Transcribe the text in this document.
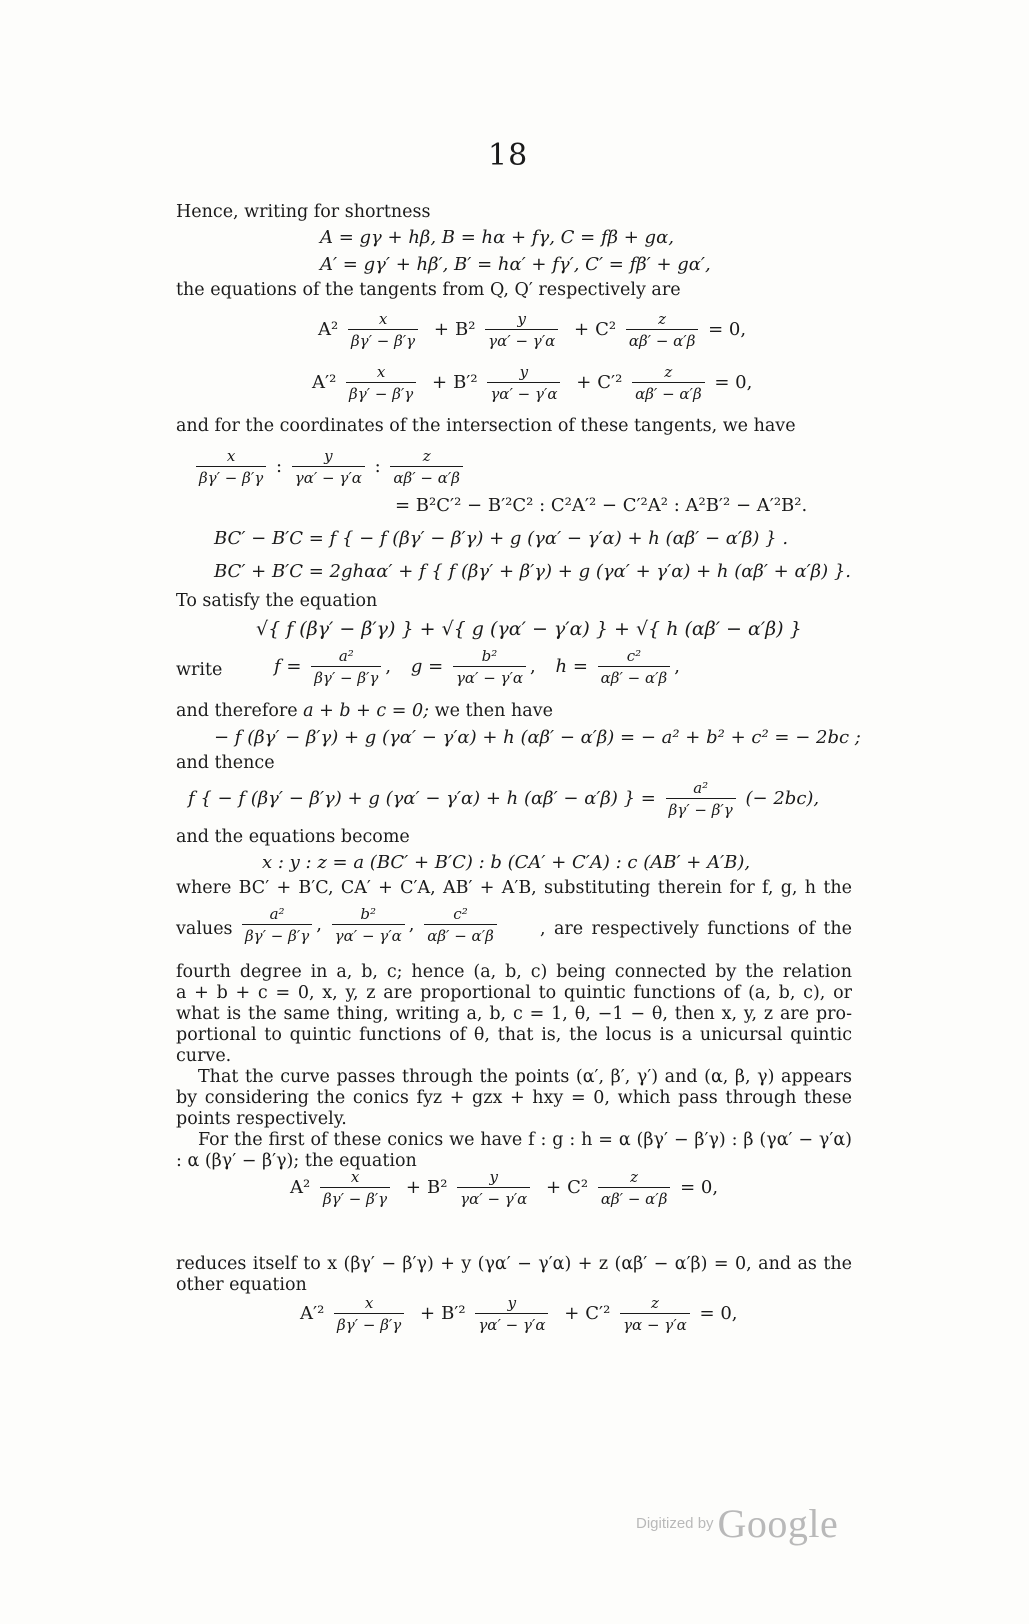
18
Hence, writing for shortness
A = gγ + hβ, B = hα + fγ, C = fβ + gα,
A′ = gγ′ + hβ′, B′ = hα′ + fγ′, C′ = fβ′ + gα′,
the equations of the tangents from Q, Q′ respectively are
$A^2 \frac{x}{\beta\gamma' - \beta'\gamma} + B^2 \frac{y}{\gamma\alpha' - \gamma'\alpha} + C^2 \frac{z}{\alpha\beta' - \alpha'\beta} = 0$,
$A'^2 \frac{x}{\beta\gamma' - \beta'\gamma} + B'^2 \frac{y}{\gamma\alpha' - \gamma'\alpha} + C'^2 \frac{z}{\alpha\beta' - \alpha'\beta} = 0$,
and for the coordinates of the intersection of these tangents, we have
$\frac{x}{\beta\gamma' - \beta'\gamma}$ : $\frac{y}{\gamma\alpha' - \gamma'\alpha}$ : $\frac{z}{\alpha\beta' - \alpha'\beta}$
= B²C′² − B′²C² : C²A′² − C′²A² : A²B′² − A′²B².
BC′ − B′C = f { − f (βγ′ − β′γ) + g (γα′ − γ′α) + h (αβ′ − α′β) } .
BC′ + B′C = 2ghαα′ + f { f (βγ′ + β′γ) + g (γα′ + γ′α) + h (αβ′ + α′β) }.
To satisfy the equation
√{ f (βγ′ − β′γ) } + √{ g (γα′ − γ′α) } + √{ h (αβ′ − α′β) }
write	$f = \frac{\text{a²}}{\beta\gamma' - \beta'\gamma}$ , $g = \frac{\text{b²}}{\gamma\alpha' - \gamma'\alpha}$ , $h = \frac{\text{c²}}{\alpha\beta' - \alpha'\beta}$ ,
and therefore a + b + c = 0; we then have
− f (βγ′ − β′γ) + g (γα′ − γ′α) + h (αβ′ − α′β) = − a² + b² + c² = − 2bc ;
and thence
f { − f (βγ′ − β′γ) + g (γα′ − γ′α) + h (αβ′ − α′β) } = $\frac{\text{a²}}{\beta\gamma' - \beta'\gamma}$ (− 2bc),
and the equations become
x : y : z = a (BC′ + B′C) : b (CA′ + C′A) : c (AB′ + A′B),
where BC′ + B′C, CA′ + C′A, AB′ + A′B, substituting therein for f, g, h the
values $\frac{\text{a²}}{\beta\gamma' - \beta'\gamma}$ , $\frac{\text{b²}}{\gamma\alpha' - \gamma'\alpha}$ , $\frac{\text{c²}}{\alpha\beta' - \alpha'\beta}$ , are respectively functions of the
fourth degree in a, b, c; hence (a, b, c) being connected by the relation
a + b + c = 0, x, y, z are proportional to quintic functions of (a, b, c), or
what is the same thing, writing a, b, c = 1, θ, −1 − θ, then x, y, z are pro-
portional to quintic functions of θ, that is, the locus is a unicursal quintic
curve.
That the curve passes through the points (α′, β′, γ′) and (α, β, γ) appears
by considering the conics fyz + gzx + hxy = 0, which pass through these
points respectively.
For the first of these conics we have f : g : h = α (βγ′ − β′γ) : β (γα′ − γ′α)
: α (βγ′ − β′γ); the equation
$A^2 \frac{x}{\beta\gamma' - \beta'\gamma} + B^2 \frac{y}{\gamma\alpha' - \gamma'\alpha} + C^2 \frac{z}{\alpha\beta' - \alpha'\beta} = 0$,
reduces itself to x (βγ′ − β′γ) + y (γα′ − γ′α) + z (αβ′ − α′β) = 0, and as the
other equation
$A'^2 \frac{x}{\beta\gamma' - \beta'\gamma} + B'^2 \frac{y}{\gamma\alpha' - \gamma'\alpha} + C'^2 \frac{z}{\gamma\alpha - \gamma'\alpha} = 0$,
Digitized by Google
